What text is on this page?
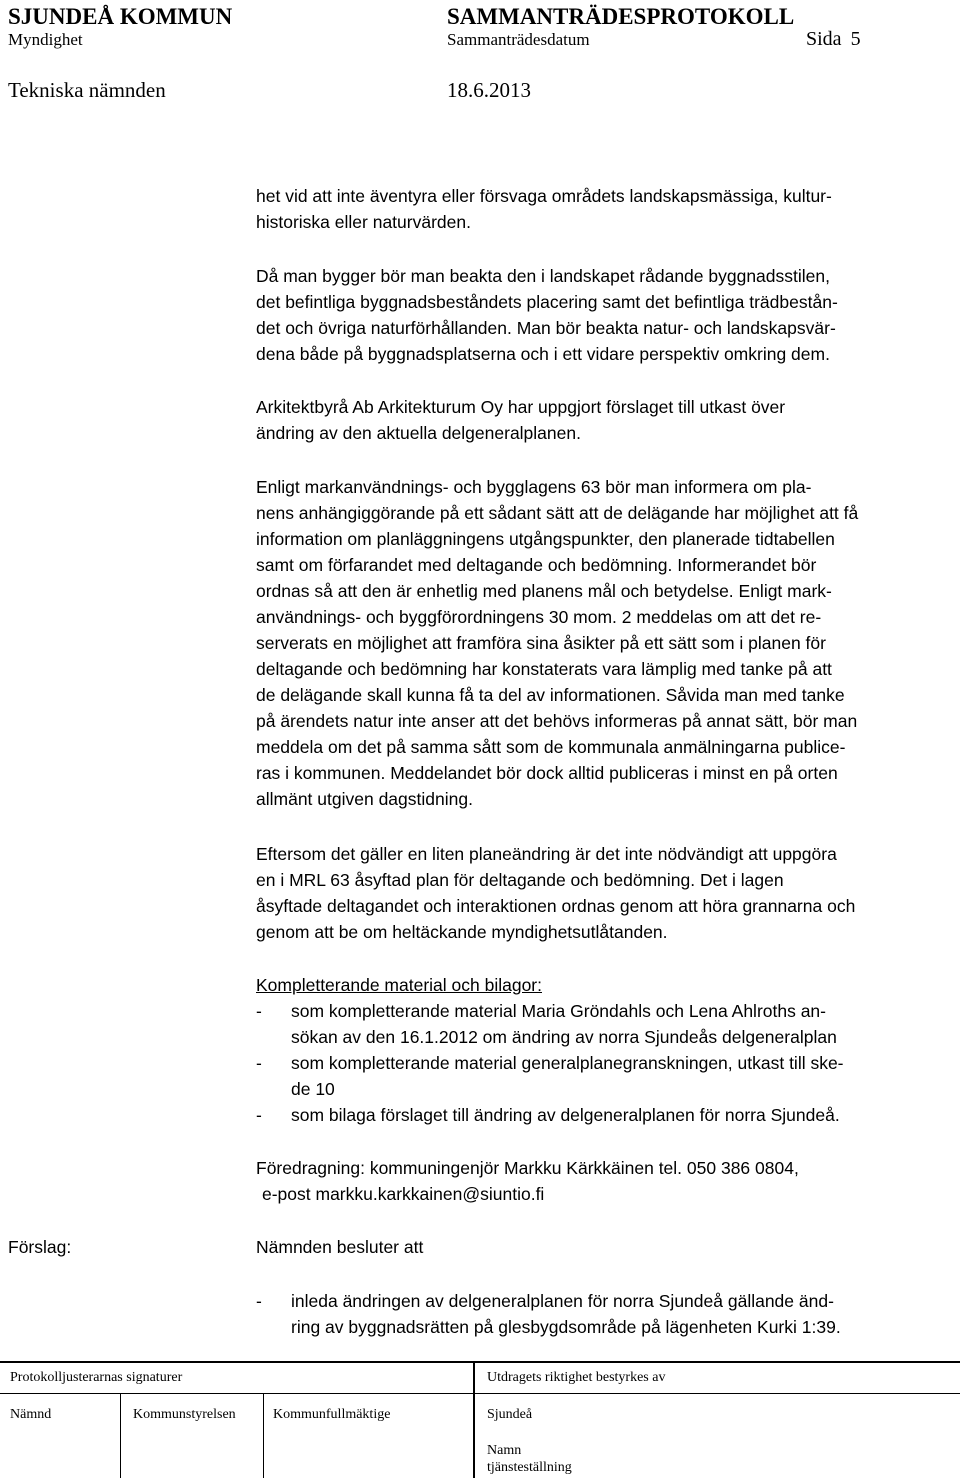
SJUNDEÅ KOMMUN	SAMMANTRÄDESPROTOKOLL
Myndighet	Sammanträdesdatum	Sida 5
Tekniska nämnden	18.6.2013
het vid att inte äventyra eller försvaga områdets landskapsmässiga, kultur-
historiska eller naturvärden.
Då man bygger bör man beakta den i landskapet rådande byggnadsstilen,
det befintliga byggnadsbeståndets placering samt det befintliga trädbestån-
det och övriga naturförhållanden. Man bör beakta natur- och landskapsvär-
dena både på byggnadsplatserna och i ett vidare perspektiv omkring dem.
Arkitektbyrå Ab Arkitekturum Oy har uppgjort förslaget till utkast över
ändring av den aktuella delgeneralplanen.
Enligt markanvändnings- och bygglagens 63 bör man informera om pla-
nens anhängiggörande på ett sådant sätt att de delägande har möjlighet att få
information om planläggningens utgångspunkter, den planerade tidtabellen
samt om förfarandet med deltagande och bedömning. Informerandet bör
ordnas så att den är enhetlig med planens mål och betydelse. Enligt mark-
användnings- och byggförordningens 30 mom. 2 meddelas om att det re-
serverats en möjlighet att framföra sina åsikter på ett sätt som i planen för
deltagande och bedömning har konstaterats vara lämplig med tanke på att
de delägande skall kunna få ta del av informationen. Såvida man med tanke
på ärendets natur inte anser att det behövs informeras på annat sätt, bör man
meddela om det på samma sått som de kommunala anmälningarna publice-
ras i kommunen. Meddelandet bör dock alltid publiceras i minst en på orten
allmänt utgiven dagstidning.
Eftersom det gäller en liten planeändring är det inte nödvändigt att uppgöra
en i MRL 63 åsyftad plan för deltagande och bedömning. Det i lagen
åsyftade deltagandet och interaktionen ordnas genom att höra grannarna och
genom att be om heltäckande myndighetsutlåtanden.
Kompletterande material och bilagor:
- som kompletterande material Maria Gröndahls och Lena Ahlroths an-
sökan av den 16.1.2012 om ändring av norra Sjundeås delgeneralplan
- som kompletterande material generalplanegranskningen, utkast till ske-
de 10
- som bilaga förslaget till ändring av delgeneralplanen för norra Sjundeå.
Föredragning: kommuningenjör Markku Kärkkäinen tel. 050 386 0804,
e-post markku.karkkainen@siuntio.fi
Förslag:	Nämnden besluter att
- inleda ändringen av delgeneralplanen för norra Sjundeå gällande änd-
ring av byggnadsrätten på glesbygdsområde på lägenheten Kurki 1:39.
Protokolljusterarnas signaturer	Utdragets riktighet bestyrkes av
Nämnd	Kommunstyrelsen	Kommunfullmäktige	Sjundeå
Namn
tjänsteställning
